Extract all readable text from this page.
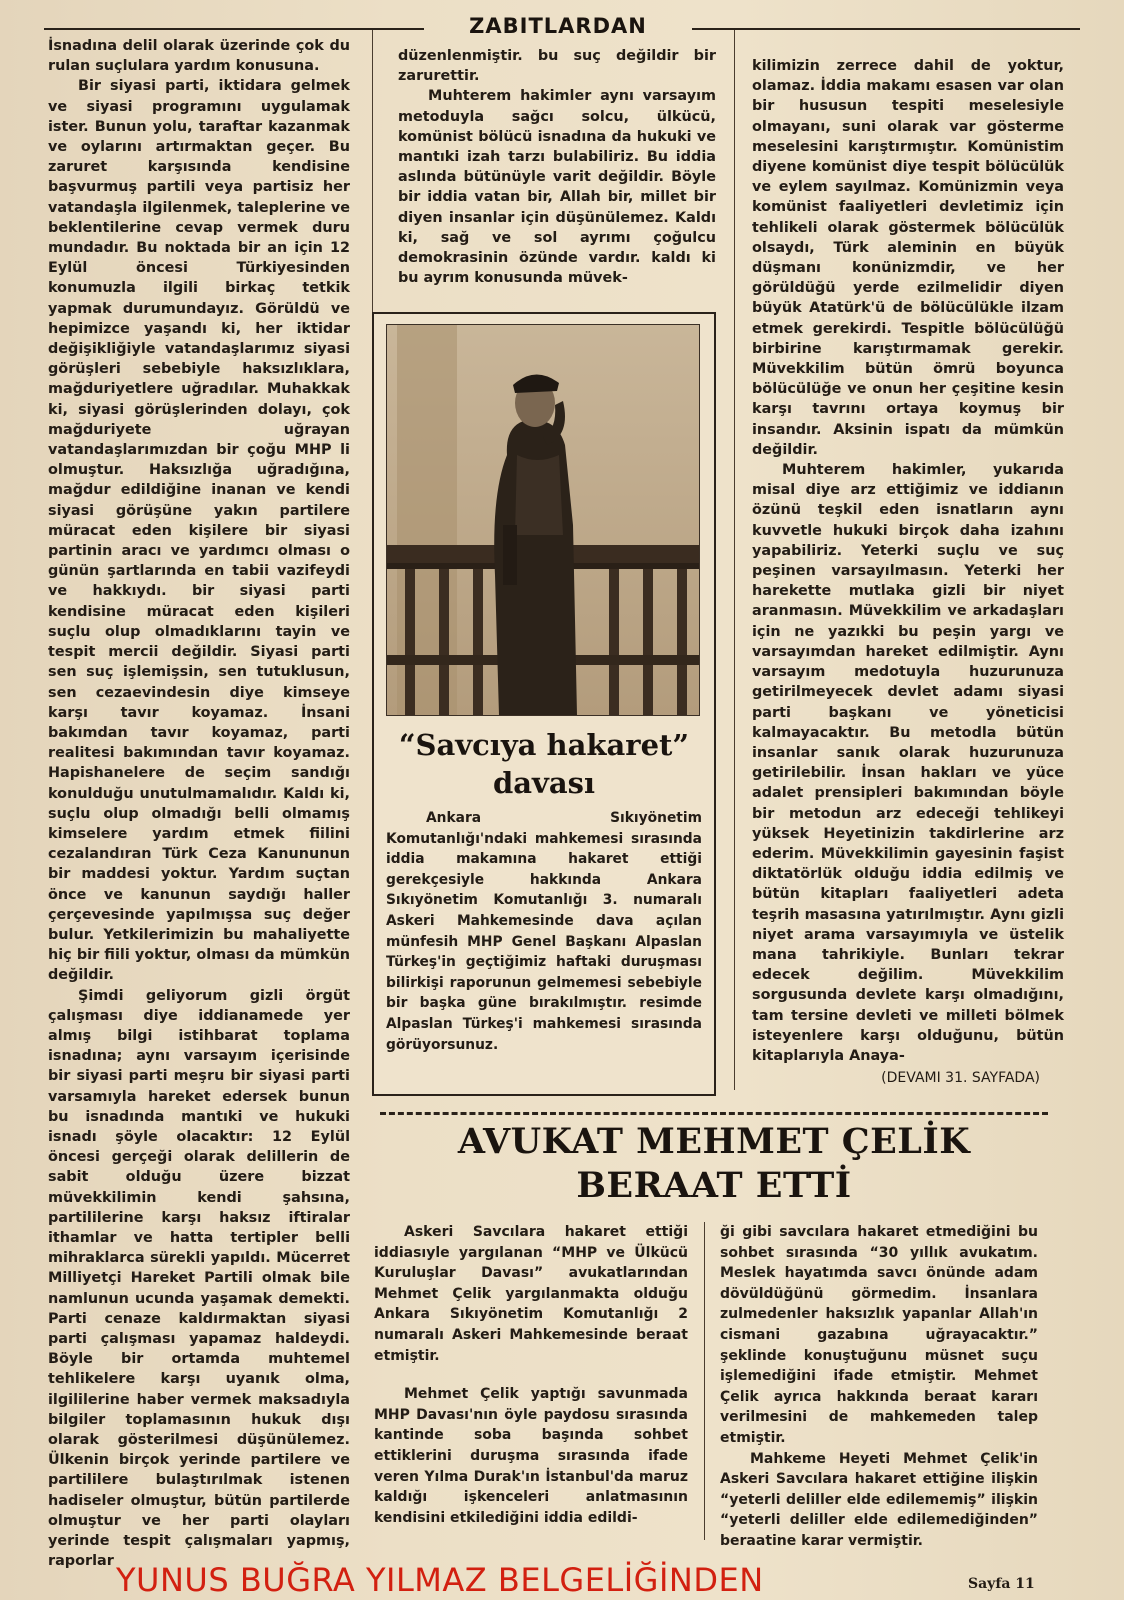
ZABITLARDAN

İsnadına delil olarak üzerinde çok du rulan suçlulara yardım konusuna.

Bir siyasi parti, iktidara gelmek ve siyasi programını uygulamak ister. Bunun yolu, taraftar kazanmak ve oylarını artırmaktan geçer. Bu zaruret karşısında kendisine başvurmuş partili veya partisiz her vatandaşla ilgilenmek, taleplerine ve beklentilerine cevap vermek duru mundadır. Bu noktada bir an için 12 Eylül öncesi Türkiyesinden konumuzla ilgili birkaç tetkik yapmak durumundayız. Görüldü ve hepimizce yaşandı ki, her iktidar değişikliğiyle vatandaşlarımız siyasi görüşleri sebebiyle haksızlıklara, mağduriyetlere uğradılar. Muhakkak ki, siyasi görüşlerinden dolayı, çok mağduriyete uğrayan vatandaşlarımızdan bir çoğu MHP li olmuştur. Haksızlığa uğradığına, mağdur edildiğine inanan ve kendi siyasi görüşüne yakın partilere müracat eden kişilere bir siyasi partinin aracı ve yardımcı olması o günün şartlarında en tabii vazifeydi ve hakkıydı. bir siyasi parti kendisine müracat eden kişileri suçlu olup olmadıklarını tayin ve tespit mercii değildir. Siyasi parti sen suç işlemişsin, sen tutuklusun, sen cezaevindesin diye kimseye karşı tavır koyamaz. İnsani bakımdan tavır koyamaz, parti realitesi bakımından tavır koyamaz. Hapishanelere de seçim sandığı konulduğu unutulmamalıdır. Kaldı ki, suçlu olup olmadığı belli olmamış kimselere yardım etmek fiilini cezalandıran Türk Ceza Kanununun bir maddesi yoktur. Yardım suçtan önce ve kanunun saydığı haller çerçevesinde yapılmışsa suç değer bulur. Yetkilerimizin bu mahaliyette hiç bir fiili yoktur, olması da mümkün değildir.

Şimdi geliyorum gizli örgüt çalışması diye iddianamede yer almış bilgi istihbarat toplama isnadına; aynı varsayım içerisinde bir siyasi parti meşru bir siyasi parti varsamıyla hareket edersek bunun bu isnadında mantıki ve hukuki isnadı şöyle olacaktır: 12 Eylül öncesi gerçeği olarak delillerin de sabit olduğu üzere bizzat müvekkilimin kendi şahsına, partililerine karşı haksız iftiralar ithamlar ve hatta tertipler belli mihraklarca sürekli yapıldı. Mücerret Milliyetçi Hareket Partili olmak bile namlunun ucunda yaşamak demekti. Parti cenaze kaldırmaktan siyasi parti çalışması yapamaz haldeydi. Böyle bir ortamda muhtemel tehlikelere karşı uyanık olma, ilgililerine haber vermek maksadıyla bilgiler toplamasının hukuk dışı olarak gösterilmesi düşünülemez. Ülkenin birçok yerinde partilere ve partililere bulaştırılmak istenen hadiseler olmuştur, bütün partilerde olmuştur ve her parti olayları yerinde tespit çalışmaları yapmış, raporlar

düzenlenmiştir. bu suç değildir bir zarurettir.

Muhterem hakimler aynı varsayım metoduyla sağcı solcu, ülkücü, komünist bölücü isnadına da hukuki ve mantıki izah tarzı bulabiliriz. Bu iddia aslında bütünüyle varit değildir. Böyle bir iddia vatan bir, Allah bir, millet bir diyen insanlar için düşünülemez. Kaldı ki, sağ ve sol ayrımı çoğulcu demokrasinin özünde vardır. kaldı ki bu ayrım konusunda müvek-

“Savcıya hakaret”
davası

Ankara Sıkıyönetim Komutanlığı'ndaki mahkemesi sırasında iddia makamına hakaret ettiği gerekçesiyle hakkında Ankara Sıkıyönetim Komutanlığı 3. numaralı Askeri Mahkemesinde dava açılan münfesih MHP Genel Başkanı Alpaslan Türkeş'in geçtiğimiz haftaki duruşması bilirkişi raporunun gelmemesi sebebiyle bir başka güne bırakılmıştır. resimde Alpaslan Türkeş'i mahkemesi sırasında görüyorsunuz.

kilimizin zerrece dahil de yoktur, olamaz. İddia makamı esasen var olan bir hususun tespiti meselesiyle olmayanı, suni olarak var gösterme meselesini karıştırmıştır. Komünistim diyene komünist diye tespit bölücülük ve eylem sayılmaz. Komünizmin veya komünist faaliyetleri devletimiz için tehlikeli olarak göstermek bölücülük olsaydı, Türk aleminin en büyük düşmanı konünizmdir, ve her görüldüğü yerde ezilmelidir diyen büyük Atatürk'ü de bölücülükle ilzam etmek gerekirdi. Tespitle bölücülüğü birbirine karıştırmamak gerekir. Müvekkilim bütün ömrü boyunca bölücülüğe ve onun her çeşitine kesin karşı tavrını ortaya koymuş bir insandır. Aksinin ispatı da mümkün değildir.

Muhterem hakimler, yukarıda misal diye arz ettiğimiz ve iddianın özünü teşkil eden isnatların aynı kuvvetle hukuki birçok daha izahını yapabiliriz. Yeterki suçlu ve suç peşinen varsayılmasın. Yeterki her harekette mutlaka gizli bir niyet aranmasın. Müvekkilim ve arkadaşları için ne yazıkki bu peşin yargı ve varsayımdan hareket edilmiştir. Aynı varsayım medotuyla huzurunuza getirilmeyecek devlet adamı siyasi parti başkanı ve yöneticisi kalmayacaktır. Bu metodla bütün insanlar sanık olarak huzurunuza getirilebilir. İnsan hakları ve yüce adalet prensipleri bakımından böyle bir metodun arz edeceği tehlikeyi yüksek Heyetinizin takdirlerine arz ederim. Müvekkilimin gayesinin faşist diktatörlük olduğu iddia edilmiş ve bütün kitapları faaliyetleri adeta teşrih masasına yatırılmıştır. Aynı gizli niyet arama varsayımıyla ve üstelik mana tahrikiyle. Bunları tekrar edecek değilim. Müvekkilim sorgusunda devlete karşı olmadığını, tam tersine devleti ve milleti bölmek isteyenlere karşı olduğunu, bütün kitaplarıyla Anaya-

(DEVAMI 31. SAYFADA)
AVUKAT MEHMET ÇELİK
BERAAT ETTİ

Askeri Savcılara hakaret ettiği iddiasıyle yargılanan “MHP ve Ülkücü Kuruluşlar Davası” avukatlarından Mehmet Çelik yargılanmakta olduğu Ankara Sıkıyönetim Komutanlığı 2 numaralı Askeri Mahkemesinde beraat etmiştir.

Mehmet Çelik yaptığı savunmada MHP Davası'nın öyle paydosu sırasında kantinde soba başında sohbet ettiklerini duruşma sırasında ifade veren Yılma Durak'ın İstanbul'da maruz kaldığı işkenceleri anlatmasının kendisini etkilediğini iddia edildi-

ği gibi savcılara hakaret etmediğini bu sohbet sırasında “30 yıllık avukatım. Meslek hayatımda savcı önünde adam dövüldüğünü görmedim. İnsanlara zulmedenler haksızlık yapanlar Allah'ın cismani gazabına uğrayacaktır.” şeklinde konuştuğunu müsnet suçu işlemediğini ifade etmiştir. Mehmet Çelik ayrıca hakkında beraat kararı verilmesini de mahkemeden talep etmiştir.

Mahkeme Heyeti Mehmet Çelik'in Askeri Savcılara hakaret ettiğine ilişkin “yeterli deliller elde edilememiş” ilişkin “yeterli deliller elde edilemediğinden” beraatine karar vermiştir.

YUNUS BUĞRA YILMAZ BELGELİĞİNDEN	Sayfa 11
